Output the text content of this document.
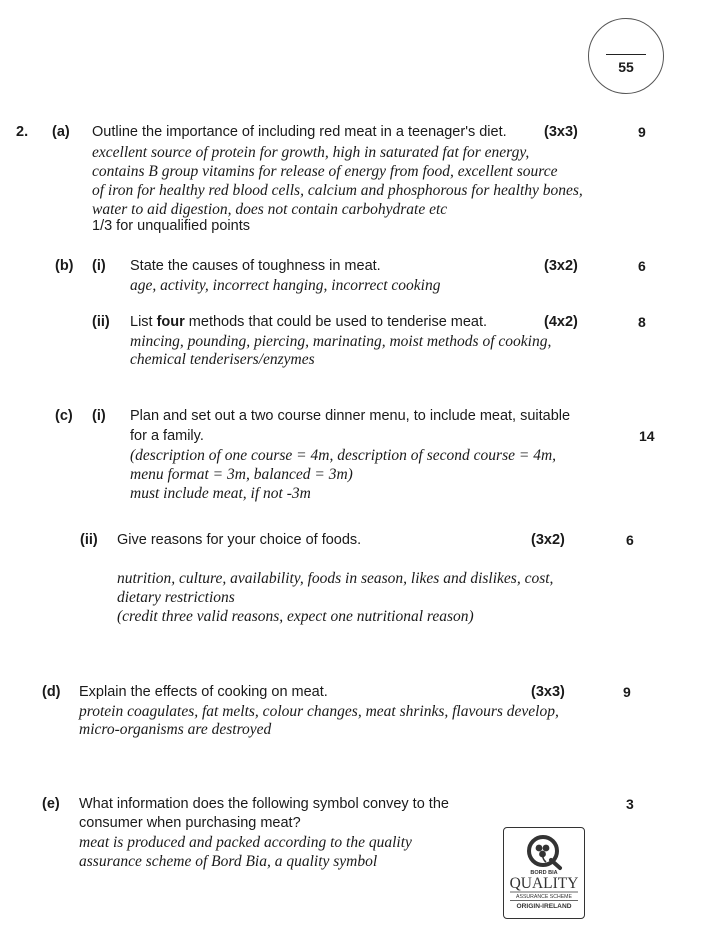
55
2. (a) Outline the importance of including red meat in a teenager's diet.	(3x3)	9
excellent source of protein for growth, high in saturated fat for energy,
contains B group vitamins for release of energy from food, excellent source
of iron for healthy red blood cells, calcium and phosphorous for healthy bones,
water to aid digestion, does not contain carbohydrate etc
1/3 for unqualified points
(b) (i) State the causes of toughness in meat.	(3x2)	6
age, activity, incorrect hanging, incorrect cooking
(ii) List four methods that could be used to tenderise meat.	(4x2)	8
mincing, pounding, piercing, marinating, moist methods of cooking,
chemical tenderisers/enzymes
(c) (i) Plan and set out a two course dinner menu, to include meat, suitable
for a family.	14
(description of one course = 4m, description of second course = 4m,
menu format = 3m, balanced = 3m)
must include meat, if not -3m
(ii) Give reasons for your choice of foods.	(3x2)	6
nutrition, culture, availability, foods in season, likes and dislikes, cost,
dietary restrictions
(credit three valid reasons, expect one nutritional reason)
(d) Explain the effects of cooking on meat.	(3x3)	9
protein coagulates, fat melts, colour changes, meat shrinks, flavours develop,
micro-organisms are destroyed
(e) What information does the following symbol convey to the
consumer when purchasing meat?
3
meat is produced and packed according to the quality
assurance scheme of Bord Bia, a quality symbol
BORD BIA
QUALITY
ASSURANCE SCHEME
ORIGIN-IRELAND
